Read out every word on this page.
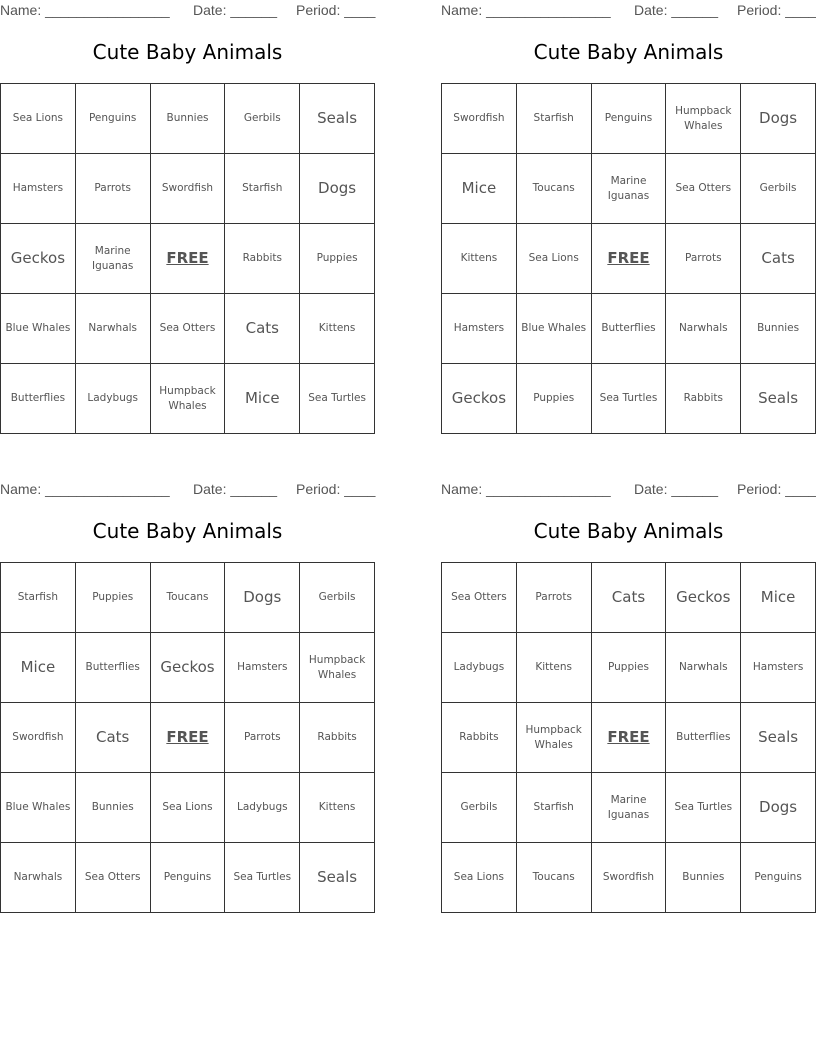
Name: ________________ Date: ______ Period: ____
Cute Baby Animals
Sea Lions	Penguins	Bunnies	Gerbils	Seals
Hamsters	Parrots	Swordfish	Starfish	Dogs
Geckos	Marine Iguanas	FREE	Rabbits	Puppies
Blue Whales	Narwhals	Sea Otters	Cats	Kittens
Butterflies	Ladybugs	Humpback Whales	Mice	Sea Turtles
Name: ________________ Date: ______ Period: ____
Cute Baby Animals
Swordfish	Starfish	Penguins	Humpback Whales	Dogs
Mice	Toucans	Marine Iguanas	Sea Otters	Gerbils
Kittens	Sea Lions	FREE	Parrots	Cats
Hamsters	Blue Whales	Butterflies	Narwhals	Bunnies
Geckos	Puppies	Sea Turtles	Rabbits	Seals
Name: ________________ Date: ______ Period: ____
Cute Baby Animals
Starfish	Puppies	Toucans	Dogs	Gerbils
Mice	Butterflies	Geckos	Hamsters	Humpback Whales
Swordfish	Cats	FREE	Parrots	Rabbits
Blue Whales	Bunnies	Sea Lions	Ladybugs	Kittens
Narwhals	Sea Otters	Penguins	Sea Turtles	Seals
Name: ________________ Date: ______ Period: ____
Cute Baby Animals
Sea Otters	Parrots	Cats	Geckos	Mice
Ladybugs	Kittens	Puppies	Narwhals	Hamsters
Rabbits	Humpback Whales	FREE	Butterflies	Seals
Gerbils	Starfish	Marine Iguanas	Sea Turtles	Dogs
Sea Lions	Toucans	Swordfish	Bunnies	Penguins
